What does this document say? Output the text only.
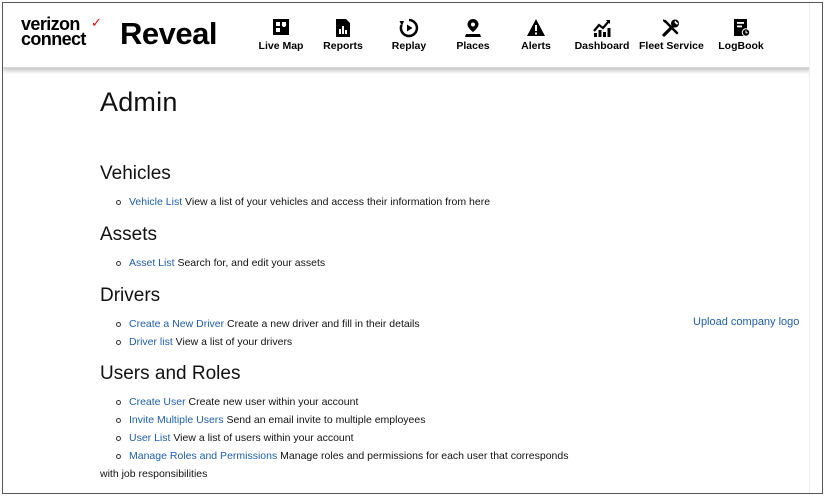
verizon
connect
✓ Reveal	Live Map	Reports	Replay	Places	Alerts	Dashboard Fleet Service LogBook
Admin
Vehicles
Vehicle List View a list of your vehicles and access their information from here
Assets
Asset List Search for, and edit your assets
Drivers
Create a New Driver Create a new driver and fill in their details
Driver list View a list of your drivers
Users and Roles
Create User Create new user within your account
Invite Multiple Users Send an email invite to multiple employees
User List View a list of users within your account
Manage Roles and Permissions Manage roles and permissions for each user that corresponds with job responsibilities
Upload company logo
